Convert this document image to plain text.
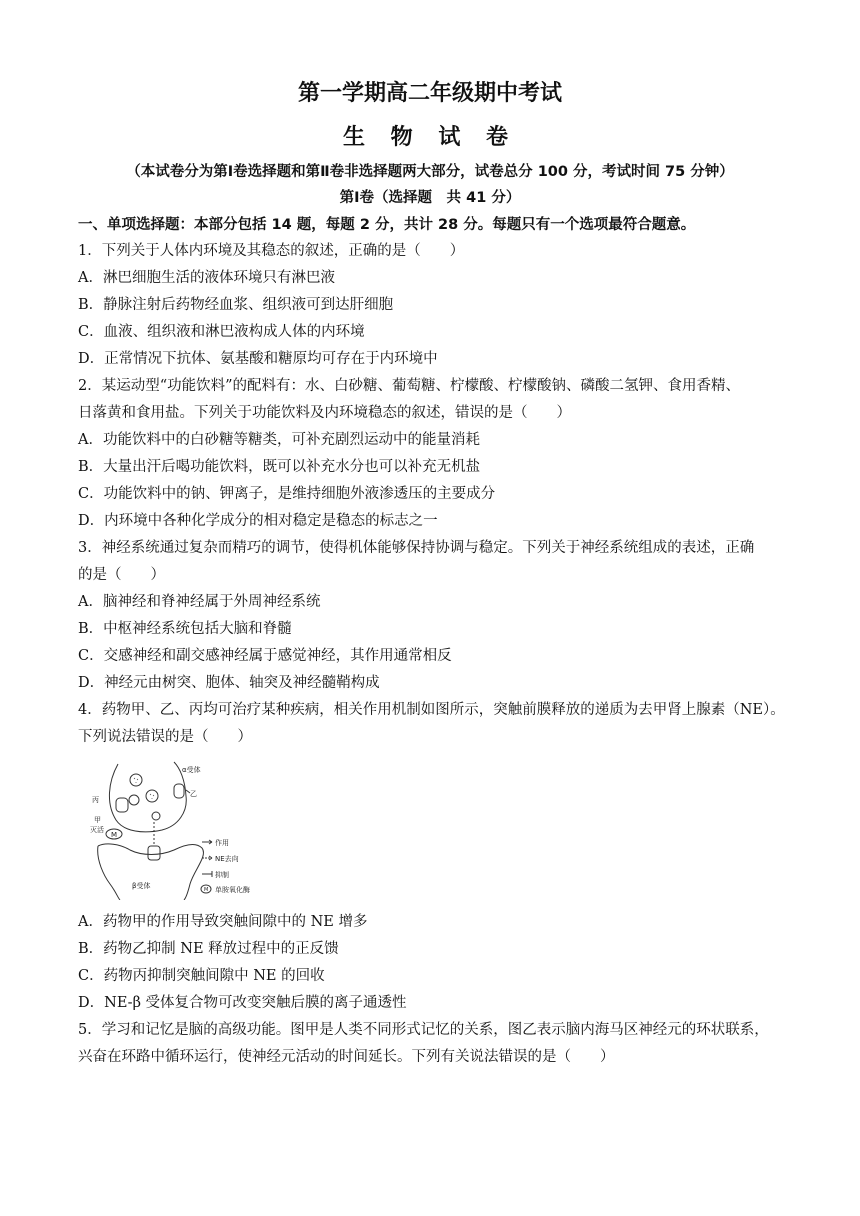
第一学期高二年级期中考试
生 物 试 卷
（本试卷分为第Ⅰ卷选择题和第Ⅱ卷非选择题两大部分，试卷总分 100 分，考试时间 75 分钟）
第Ⅰ卷（选择题　共 41 分）
一、单项选择题：本部分包括 14 题，每题 2 分，共计 28 分。每题只有一个选项最符合题意。
1．下列关于人体内环境及其稳态的叙述，正确的是（　　）
A．淋巴细胞生活的液体环境只有淋巴液
B．静脉注射后药物经血浆、组织液可到达肝细胞
C．血液、组织液和淋巴液构成人体的内环境
D．正常情况下抗体、氨基酸和糖原均可存在于内环境中
2．某运动型“功能饮料”的配料有：水、白砂糖、葡萄糖、柠檬酸、柠檬酸钠、磷酸二氢钾、食用香精、
日落黄和食用盐。下列关于功能饮料及内环境稳态的叙述，错误的是（　　）
A．功能饮料中的白砂糖等糖类，可补充剧烈运动中的能量消耗
B．大量出汗后喝功能饮料，既可以补充水分也可以补充无机盐
C．功能饮料中的钠、钾离子，是维持细胞外液渗透压的主要成分
D．内环境中各种化学成分的相对稳定是稳态的标志之一
3．神经系统通过复杂而精巧的调节，使得机体能够保持协调与稳定。下列关于神经系统组成的表述，正确
的是（　　）
A．脑神经和脊神经属于外周神经系统
B．中枢神经系统包括大脑和脊髓
C．交感神经和副交感神经属于感觉神经，其作用通常相反
D．神经元由树突、胞体、轴突及神经髓鞘构成
4．药物甲、乙、丙均可治疗某种疾病，相关作用机制如图所示，突触前膜释放的递质为去甲肾上腺素（NE）。
下列说法错误的是（　　）
α受体
乙
丙
甲
灭活
M
β受体
作用
NE去向
抑制
M 单胺氧化酶
A．药物甲的作用导致突触间隙中的 NE 增多
B．药物乙抑制 NE 释放过程中的正反馈
C．药物丙抑制突触间隙中 NE 的回收
D．NE-β 受体复合物可改变突触后膜的离子通透性
5．学习和记忆是脑的高级功能。图甲是人类不同形式记忆的关系，图乙表示脑内海马区神经元的环状联系，
兴奋在环路中循环运行，使神经元活动的时间延长。下列有关说法错误的是（　　）
